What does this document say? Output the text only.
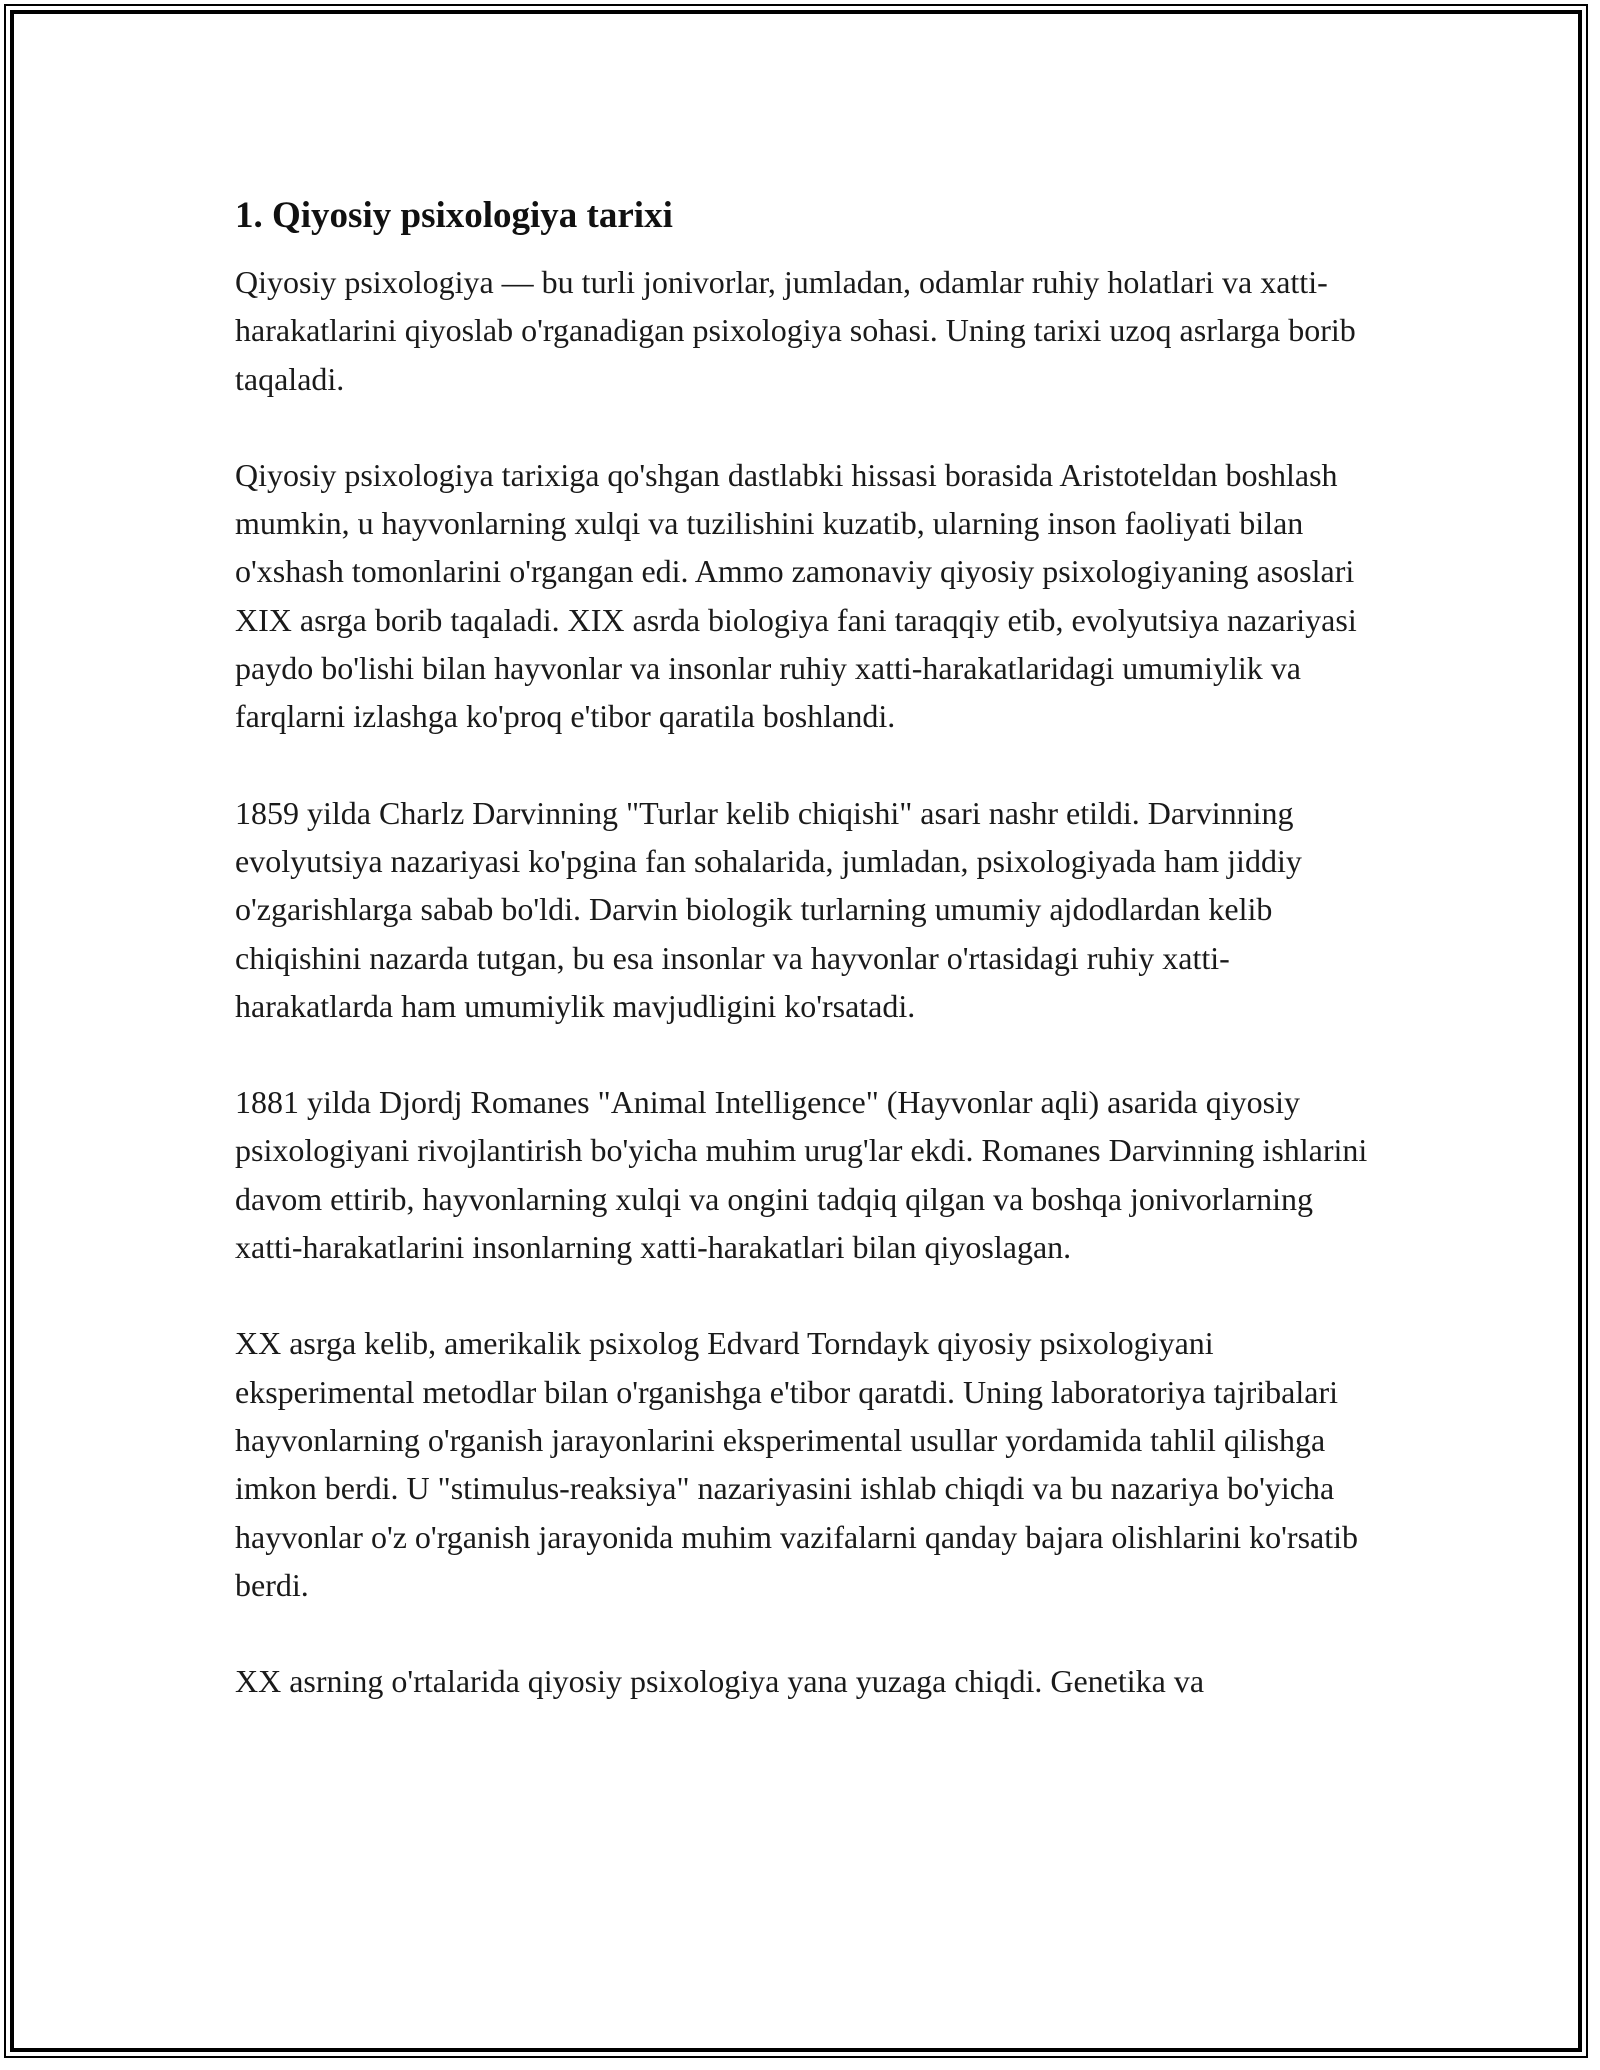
1. Qiyosiy psixologiya tarixi

Qiyosiy psixologiya — bu turli jonivorlar, jumladan, odamlar ruhiy holatlari va xatti-harakatlarini qiyoslab o'rganadigan psixologiya sohasi. Uning tarixi uzoq asrlarga borib taqaladi.

Qiyosiy psixologiya tarixiga qo'shgan dastlabki hissasi borasida Aristoteldan boshlash mumkin, u hayvonlarning xulqi va tuzilishini kuzatib, ularning inson faoliyati bilan o'xshash tomonlarini o'rgangan edi. Ammo zamonaviy qiyosiy psixologiyaning asoslari XIX asrga borib taqaladi. XIX asrda biologiya fani taraqqiy etib, evolyutsiya nazariyasi paydo bo'lishi bilan hayvonlar va insonlar ruhiy xatti-harakatlaridagi umumiylik va farqlarni izlashga ko'proq e'tibor qaratila boshlandi.

1859 yilda Charlz Darvinning "Turlar kelib chiqishi" asari nashr etildi. Darvinning evolyutsiya nazariyasi ko'pgina fan sohalarida, jumladan, psixologiyada ham jiddiy o'zgarishlarga sabab bo'ldi. Darvin biologik turlarning umumiy ajdodlardan kelib chiqishini nazarda tutgan, bu esa insonlar va hayvonlar o'rtasidagi ruhiy xatti-harakatlarda ham umumiylik mavjudligini ko'rsatadi.

1881 yilda Djordj Romanes "Animal Intelligence" (Hayvonlar aqli) asarida qiyosiy psixologiyani rivojlantirish bo'yicha muhim urug'lar ekdi. Romanes Darvinning ishlarini davom ettirib, hayvonlarning xulqi va ongini tadqiq qilgan va boshqa jonivorlarning xatti-harakatlarini insonlarning xatti-harakatlari bilan qiyoslagan.

XX asrga kelib, amerikalik psixolog Edvard Torndayk qiyosiy psixologiyani eksperimental metodlar bilan o'rganishga e'tibor qaratdi. Uning laboratoriya tajribalari hayvonlarning o'rganish jarayonlarini eksperimental usullar yordamida tahlil qilishga imkon berdi. U "stimulus-reaksiya" nazariyasini ishlab chiqdi va bu nazariya bo'yicha hayvonlar o'z o'rganish jarayonida muhim vazifalarni qanday bajara olishlarini ko'rsatib berdi.

XX asrning o'rtalarida qiyosiy psixologiya yana yuzaga chiqdi. Genetika va
